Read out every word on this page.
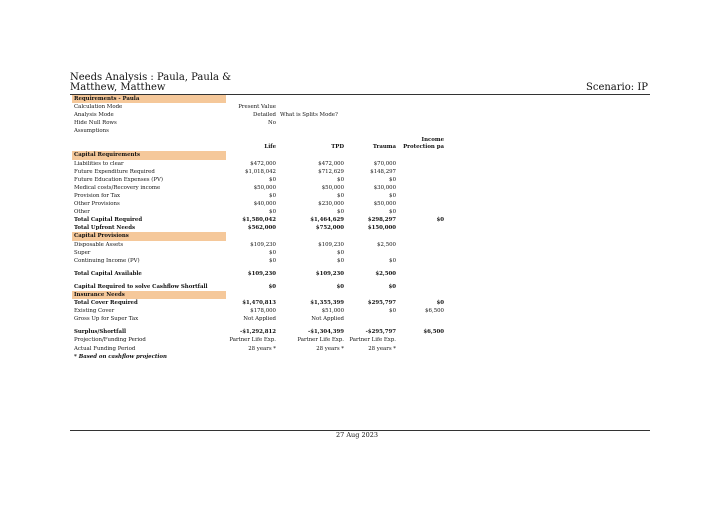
Needs Analysis : Paula, Paula &
Matthew, Matthew	Scenario: IP
Requirements - Paula				
Calculation Mode	Present Value			
Analysis Mode	Detailed	What is Splits Mode?		
Hide Null Rows	No			
Assumptions				
	Life	TPD	Trauma	Income
Protection pa

Capital Requirements				
Liabilities to clear	$472,000	$472,000	$70,000	
Future Expenditure Required	$1,018,042	$712,629	$148,297	
Future Education Expenses (PV)	$0	$0	$0	
Medical costs/Recovery income	$50,000	$50,000	$30,000	
Provision for Tax	$0	$0	$0	
Other Provisions	$40,000	$230,000	$50,000	
Other	$0	$0	$0	
Total Capital Required	$1,580,042	$1,464,629	$298,297	$0
Total Upfront Needs	$562,000	$752,000	$150,000	
Capital Provisions				
Disposable Assets	$109,230	$109,230	$2,500	
Super	$0	$0		
Continuing Income (PV)	$0	$0	$0	

Total Capital Available	$109,230	$109,230	$2,500	

Capital Required to solve Cashflow Shortfall	$0	$0	$0	
Insurance Needs				
Total Cover Required	$1,470,813	$1,355,399	$295,797	$0
Existing Cover	$178,000	$51,000	$0	$6,500
Gross Up for Super Tax	Not Applied	Not Applied		

Surplus/Shortfall	-$1,292,812	-$1,304,399	-$295,797	$6,500
Projection/Funding Period	Partner Life Exp.	Partner Life Exp.	Partner Life Exp.	
Actual Funding Period	28 years *	28 years *	28 years *	
* Based on cashflow projection				
27 Aug 2023
